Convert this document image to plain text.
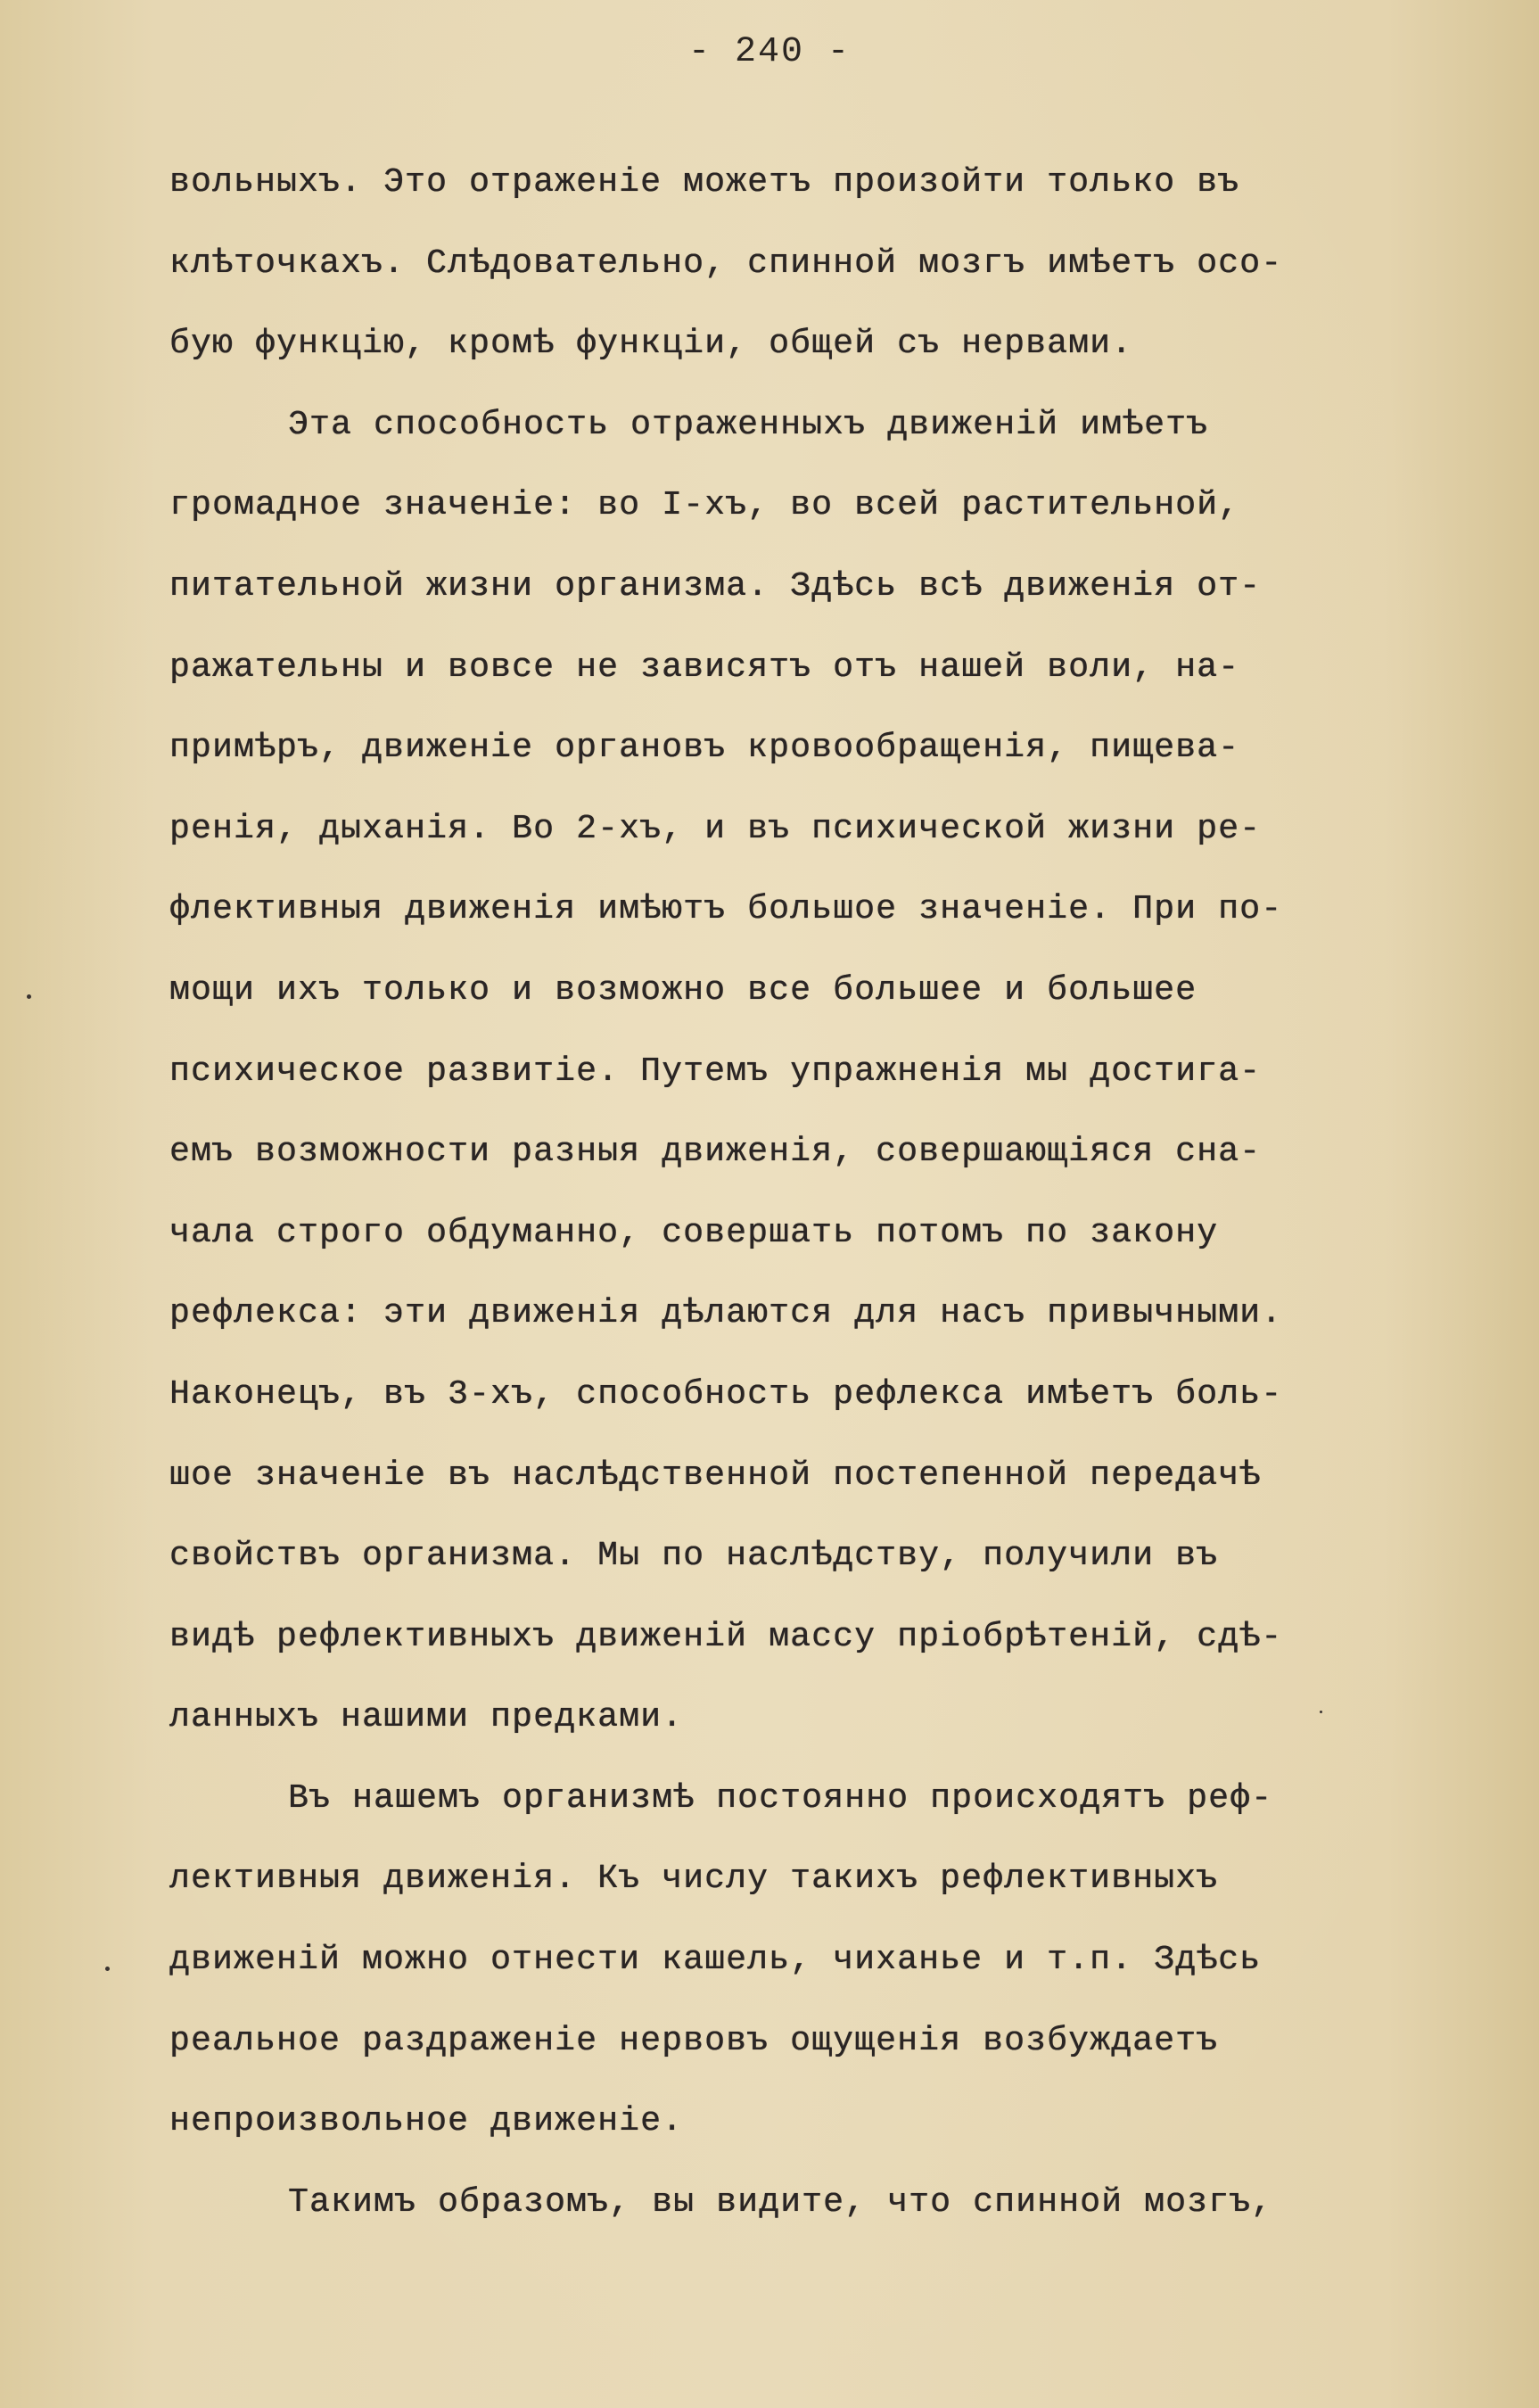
- 240 -
вольныхъ. Это отраженіе можетъ произойти только въ
клѣточкахъ. Слѣдовательно, спинной мозгъ имѣетъ осо-
бую функцію, кромѣ функціи, общей съ нервами.
Эта способность отраженныхъ движеній имѣетъ
громадное значеніе: во І-хъ, во всей растительной,
питательной жизни организма. Здѣсь всѣ движенія от-
ражательны и вовсе не зависятъ отъ нашей воли, на-
примѣръ, движеніе органовъ кровообращенія, пищева-
ренія, дыханія. Во 2-хъ, и въ психической жизни ре-
флективныя движенія имѣютъ большое значеніе. При по-
мощи ихъ только и возможно все большее и большее
психическое развитіе. Путемъ упражненія мы достига-
емъ возможности разныя движенія, совершающіяся сна-
чала строго обдуманно, совершать потомъ по закону
рефлекса: эти движенія дѣлаются для насъ привычными.
Наконецъ, въ 3-хъ, способность рефлекса имѣетъ боль-
шое значеніе въ наслѣдственной постепенной передачѣ
свойствъ организма. Мы по наслѣдству, получили въ
видѣ рефлективныхъ движеній массу пріобрѣтеній, сдѣ-
ланныхъ нашими предками.
Въ нашемъ организмѣ постоянно происходятъ реф-
лективныя движенія. Къ числу такихъ рефлективныхъ
движеній можно отнести кашель, чиханье и т.п. Здѣсь
реальное раздраженіе нервовъ ощущенія возбуждаетъ
непроизвольное движеніе.
Такимъ образомъ, вы видите, что спинной мозгъ,
